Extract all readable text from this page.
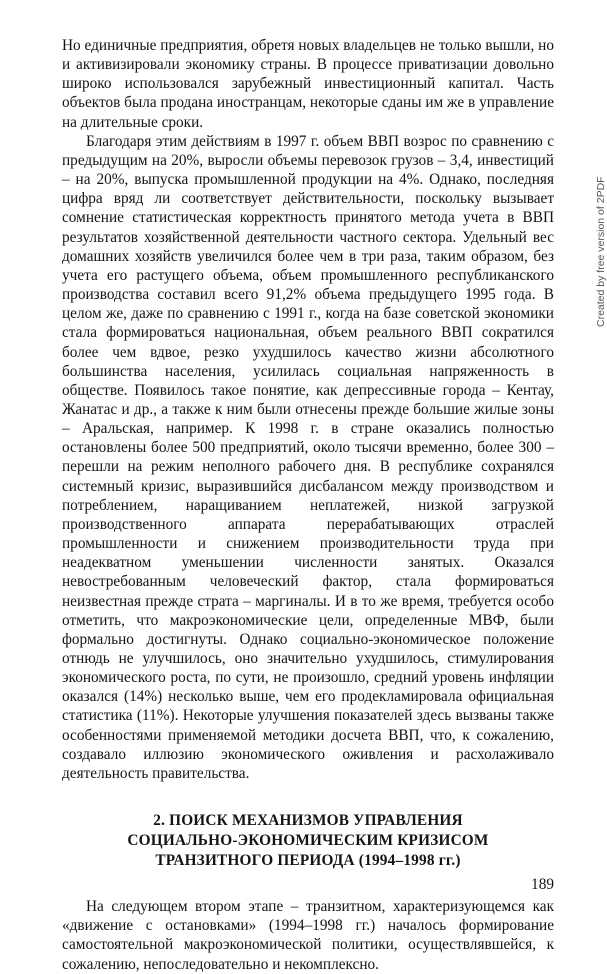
Но единичные предприятия, обретя новых владельцев не только вышли, но и активизировали экономику страны. В процессе приватизации довольно широко использовался зарубежный инвестиционный капитал. Часть объектов была продана иностранцам, некоторые сданы им же в управление на длительные сроки.

Благодаря этим действиям в 1997 г. объем ВВП возрос по сравнению с предыдущим на 20%, выросли объемы перевозок грузов – 3,4, инвестиций – на 20%, выпуска промышленной продукции на 4%. Однако, последняя цифра вряд ли соответствует действительности, поскольку вызывает сомнение статистическая корректность принятого метода учета в ВВП результатов хозяйственной деятельности частного сектора. Удельный вес домашних хозяйств увеличился более чем в три раза, таким образом, без учета его растущего объема, объем промышленного республиканского производства составил всего 91,2% объема предыдущего 1995 года. В целом же, даже по сравнению с 1991 г., когда на базе советской экономики стала формироваться национальная, объем реального ВВП сократился более чем вдвое, резко ухудшилось качество жизни абсолютного большинства населения, усилилась социальная напряженность в обществе. Появилось такое понятие, как депрессивные города – Кентау, Жанатас и др., а также к ним были отнесены прежде большие жилые зоны – Аральская, например. К 1998 г. в стране оказались полностью остановлены более 500 предприятий, около тысячи временно, более 300 – перешли на режим неполного рабочего дня. В республике сохранялся системный кризис, выразившийся дисбалансом между производством и потреблением, наращиванием неплатежей, низкой загрузкой производственного аппарата перерабатывающих отраслей промышленности и снижением производительности труда при неадекватном уменьшении численности занятых. Оказался невостребованным человеческий фактор, стала формироваться неизвестная прежде страта – маргиналы. И в то же время, требуется особо отметить, что макроэкономические цели, определенные МВФ, были формально достигнуты. Однако социально-экономическое положение отнюдь не улучшилось, оно значительно ухудшилось, стимулирования экономического роста, по сути, не произошло, средний уровень инфляции оказался (14%) несколько выше, чем его продекламировала официальная статистика (11%). Некоторые улучшения показателей здесь вызваны также особенностями применяемой методики досчета ВВП, что, к сожалению, создавало иллюзию экономического оживления и расхолаживало деятельность правительства.

2. ПОИСК МЕХАНИЗМОВ УПРАВЛЕНИЯ
СОЦИАЛЬНО-ЭКОНОМИЧЕСКИМ КРИЗИСОМ
ТРАНЗИТНОГО ПЕРИОДА (1994–1998 гг.)

На следующем втором этапе – транзитном, характеризующемся как «движение с остановками» (1994–1998 гг.) началось формирование самостоятельной макроэкономической политики, осуществлявшейся, к сожалению, непоследовательно и некомплексно.

189
Created by free version of 2PDF
